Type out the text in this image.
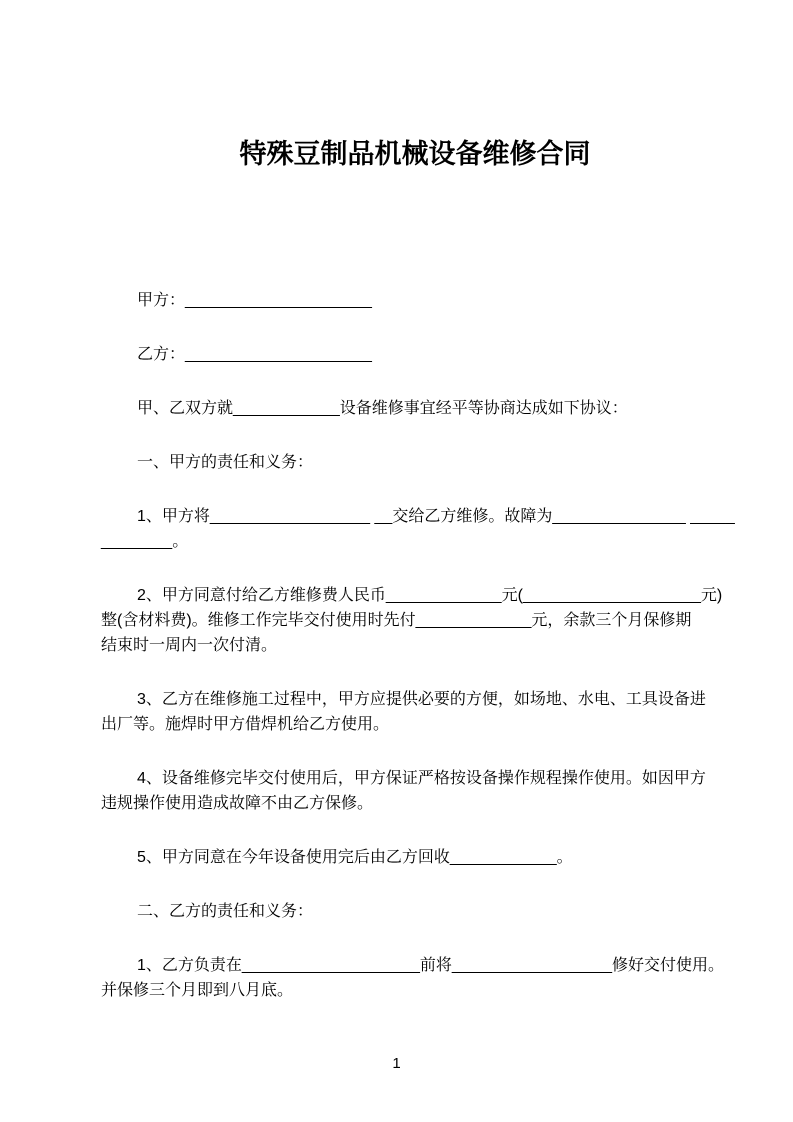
特殊豆制品机械设备维修合同
甲方：_____________________
乙方：_____________________
甲、乙双方就____________设备维修事宜经平等协商达成如下协议：
一、甲方的责任和义务：
1、甲方将__________________ __交给乙方维修。故障为_______________ _____
________。
2、甲方同意付给乙方维修费人民币_____________元(____________________元)
整(含材料费)。维修工作完毕交付使用时先付_____________元，余款三个月保修期
结束时一周内一次付清。
3、乙方在维修施工过程中，甲方应提供必要的方便，如场地、水电、工具设备进
出厂等。施焊时甲方借焊机给乙方使用。
4、设备维修完毕交付使用后，甲方保证严格按设备操作规程操作使用。如因甲方
违规操作使用造成故障不由乙方保修。
5、甲方同意在今年设备使用完后由乙方回收____________。
二、乙方的责任和义务：
1、乙方负责在____________________前将__________________修好交付使用。
并保修三个月即到八月底。
1
